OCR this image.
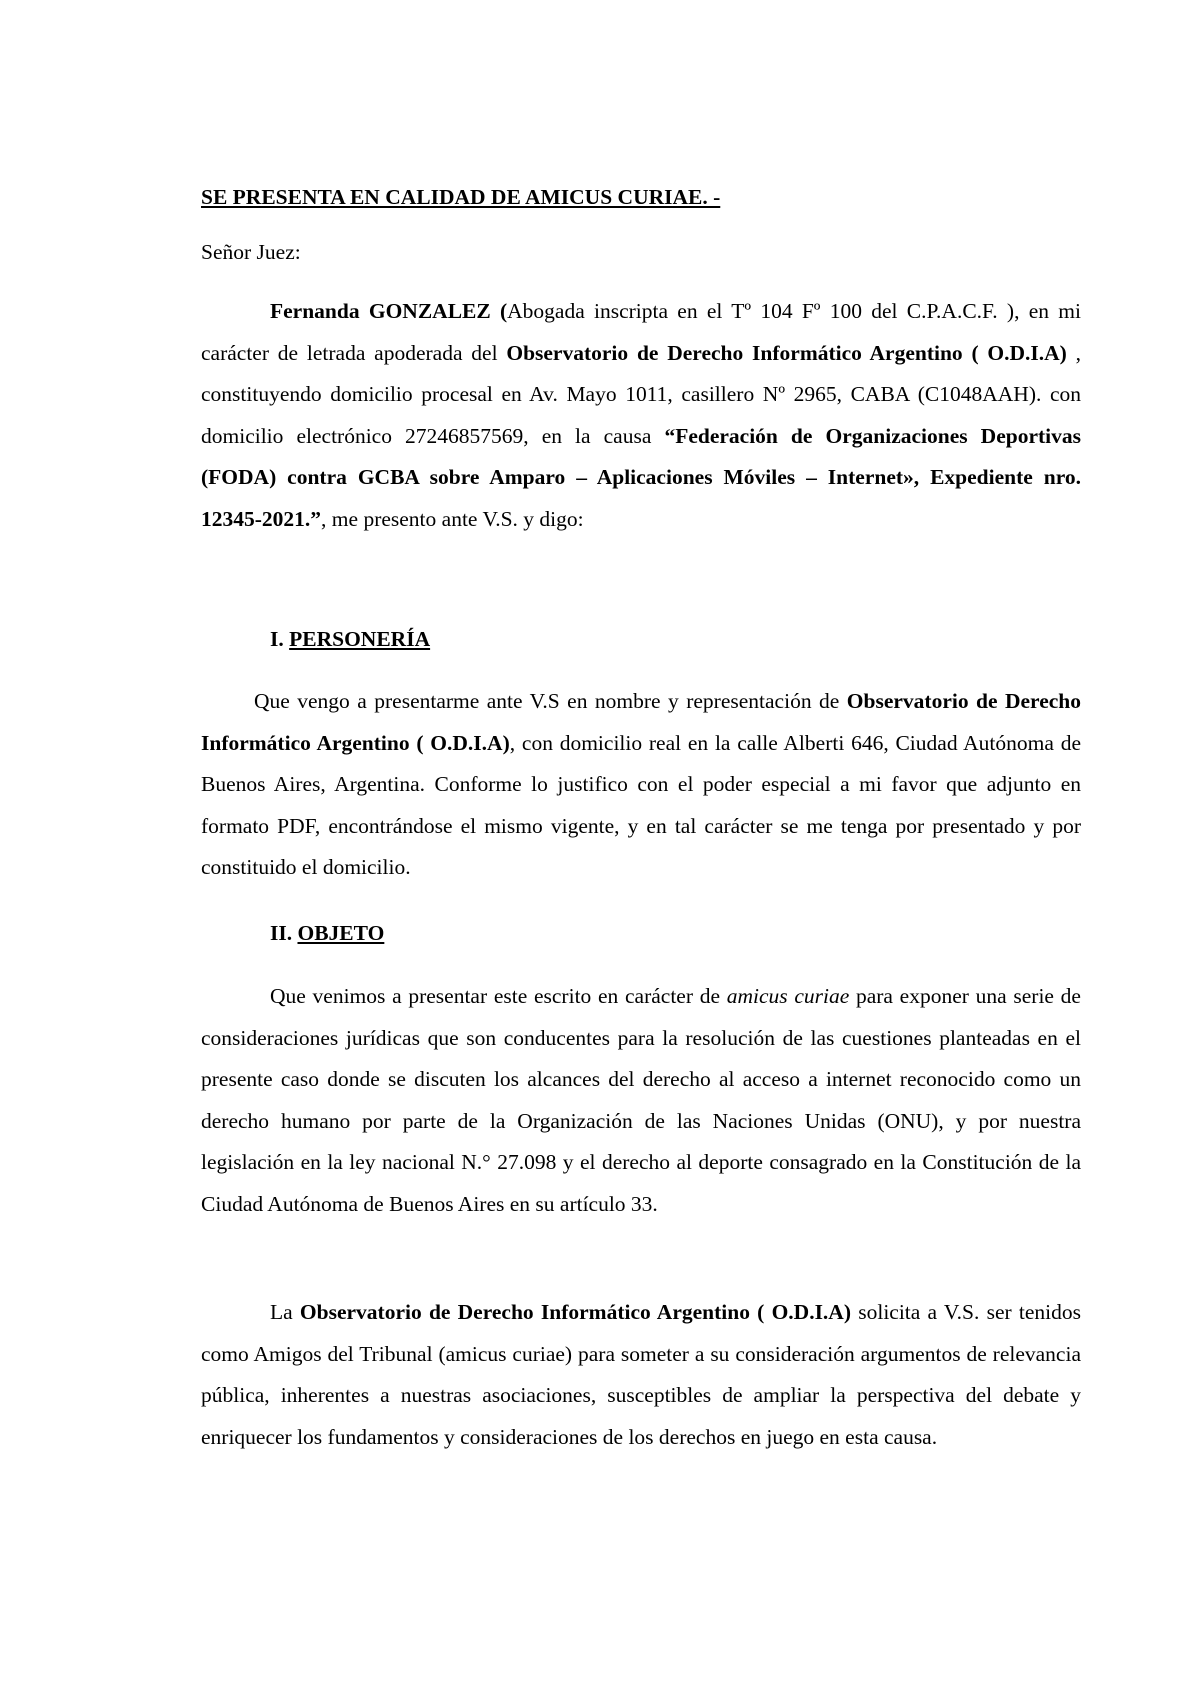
SE PRESENTA EN CALIDAD DE AMICUS CURIAE. -
Señor Juez:
Fernanda GONZALEZ (Abogada inscripta en el Tº 104 Fº 100 del C.P.A.C.F. ), en mi carácter de letrada apoderada del Observatorio de Derecho Informático Argentino ( O.D.I.A) , constituyendo domicilio procesal en Av. Mayo 1011, casillero Nº 2965, CABA (C1048AAH). con domicilio electrónico 27246857569, en la causa “Federación de Organizaciones Deportivas (FODA) contra GCBA sobre Amparo – Aplicaciones Móviles – Internet», Expediente nro. 12345-2021.”, me presento ante V.S. y digo:
I. PERSONERÍA
Que vengo a presentarme ante V.S en nombre y representación de Observatorio de Derecho Informático Argentino ( O.D.I.A), con domicilio real en la calle Alberti 646, Ciudad Autónoma de Buenos Aires, Argentina. Conforme lo justifico con el poder especial a mi favor que adjunto en formato PDF, encontrándose el mismo vigente, y en tal carácter se me tenga por presentado y por constituido el domicilio.
II. OBJETO
Que venimos a presentar este escrito en carácter de amicus curiae para exponer una serie de consideraciones jurídicas que son conducentes para la resolución de las cuestiones planteadas en el presente caso donde se discuten los alcances del derecho al acceso a internet reconocido como un derecho humano por parte de la Organización de las Naciones Unidas (ONU), y por nuestra legislación en la ley nacional N.° 27.098 y el derecho al deporte consagrado en la Constitución de la Ciudad Autónoma de Buenos Aires en su artículo 33.
La Observatorio de Derecho Informático Argentino ( O.D.I.A) solicita a V.S. ser tenidos como Amigos del Tribunal (amicus curiae) para someter a su consideración argumentos de relevancia pública, inherentes a nuestras asociaciones, susceptibles de ampliar la perspectiva del debate y enriquecer los fundamentos y consideraciones de los derechos en juego en esta causa.
